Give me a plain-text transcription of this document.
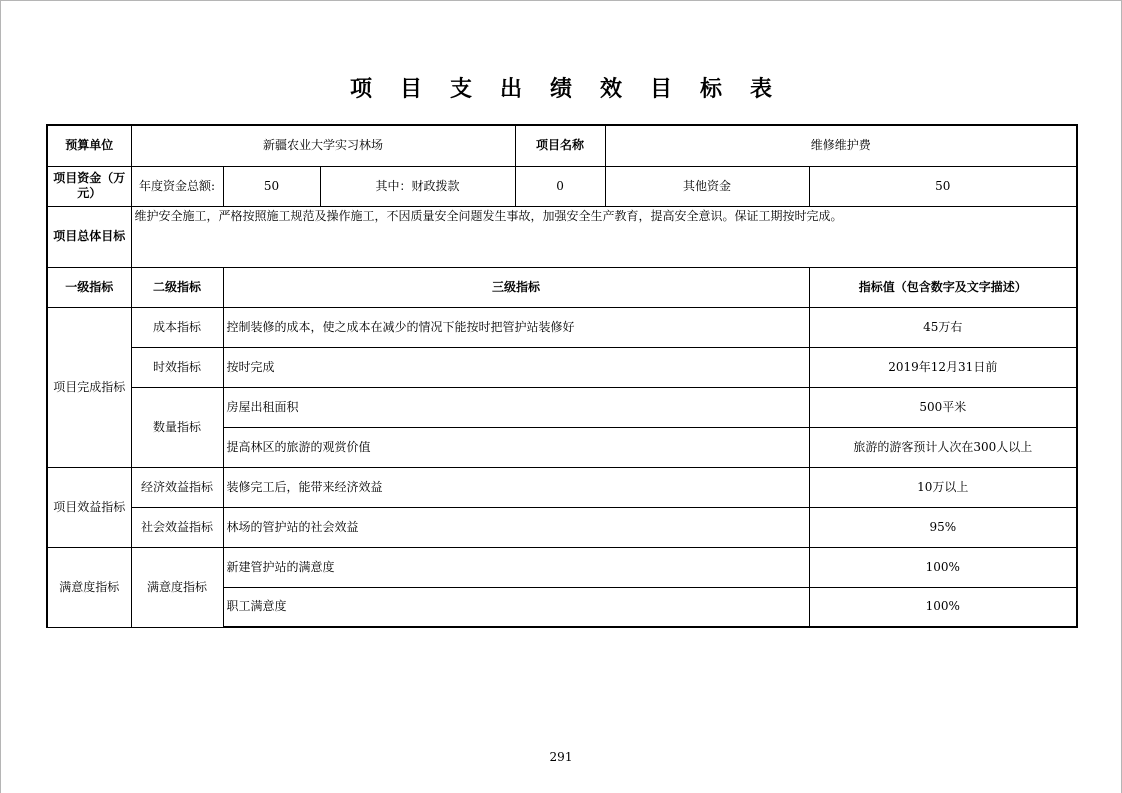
项目支出绩效目标表
预算单位	新疆农业大学实习林场			项目名称	维修维护费	
项目资金（万元）	年度资金总额:	50	其中：财政拨款	0	其他资金	50
项目总体目标	维护安全施工，严格按照施工规范及操作施工，不因质量安全问题发生事故，加强安全生产教育，提高安全意识。保证工期按时完成。					
一级指标	二级指标	三级指标				指标值（包含数字及文字描述）
项目完成指标	成本指标	控制装修的成本，使之成本在减少的情况下能按时把管护站装修好				45万右
	时效指标	按时完成				2019年12月31日前
	数量指标	房屋出租面积				500平米
		提高林区的旅游的观赏价值				旅游的游客预计人次在300人以上
项目效益指标	经济效益指标	装修完工后，能带来经济效益				10万以上
	社会效益指标	林场的管护站的社会效益				95%
满意度指标	满意度指标	新建管护站的满意度				100%
		职工满意度				100%
291
